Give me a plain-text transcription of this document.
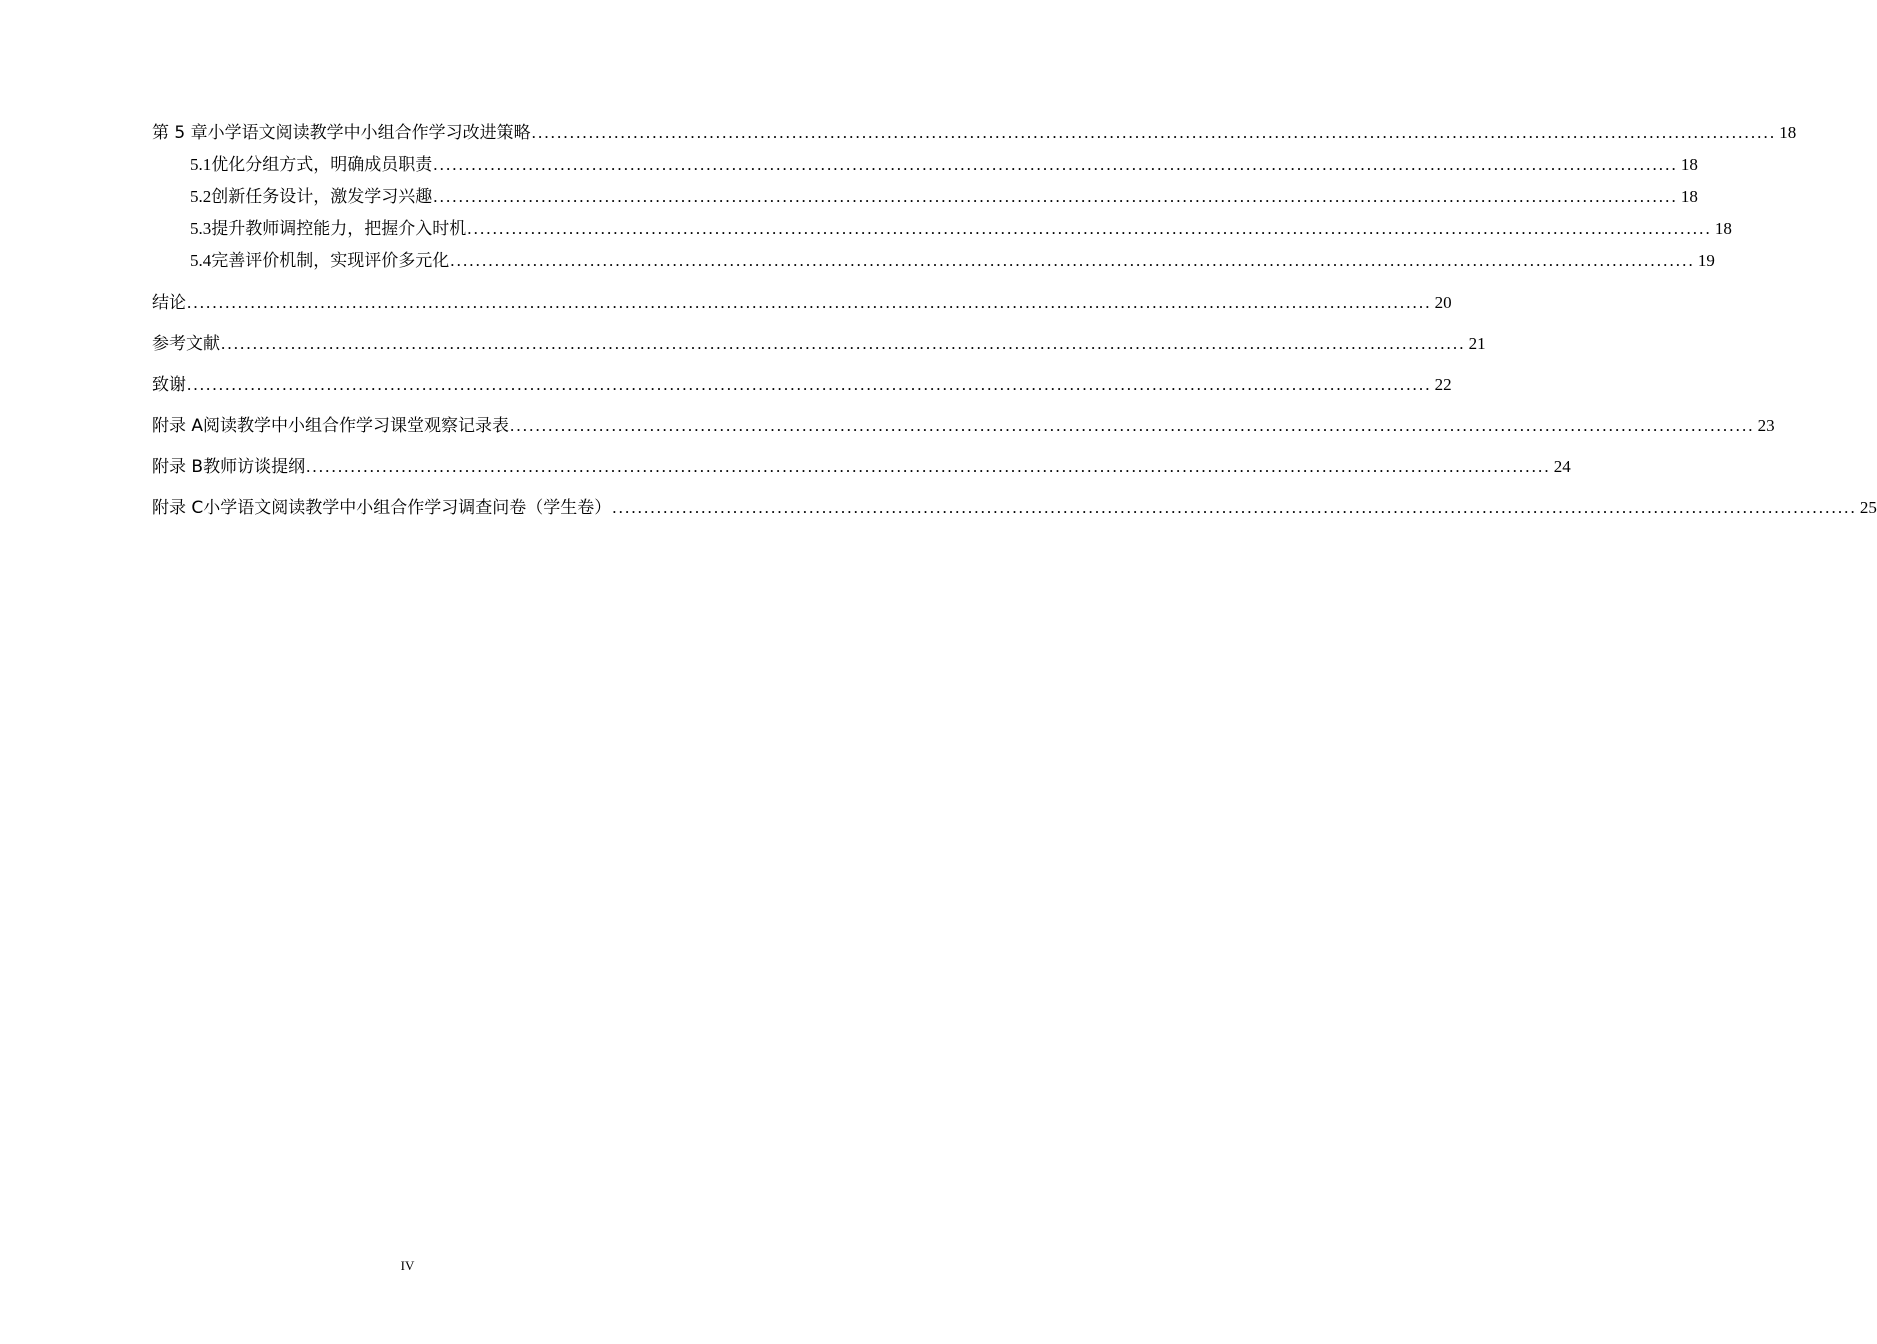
第 5 章 小学语文阅读教学中小组合作学习改进策略 .....	18
5.1 优化分组方式，明确成员职责 .....	18
5.2 创新任务设计，激发学习兴趣 .....	18
5.3 提升教师调控能力，把握介入时机 .....	18
5.4 完善评价机制，实现评价多元化 .....	19
结论 .....	20
参考文献 .....	21
致谢 .....	22
附录 A 阅读教学中小组合作学习课堂观察记录表 .....	23
附录 B 教师访谈提纲 .....	24
附录 C 小学语文阅读教学中小组合作学习调查问卷（学生卷） .....	25
IV
